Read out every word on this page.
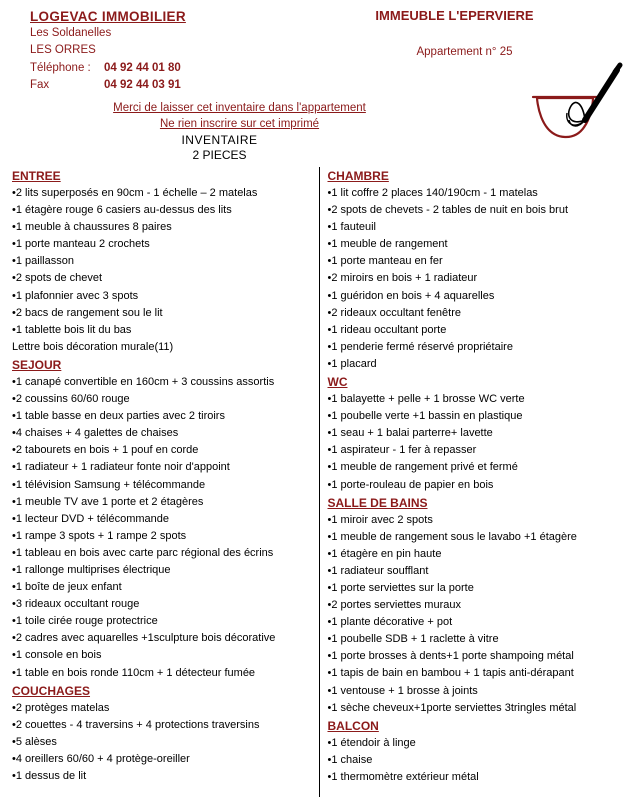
LOGEVAC IMMOBILIER
Les Soldanelles
LES ORRES
Téléphone :	04 92 44 01 80
Fax	04 92 44 03 91
IMMEUBLE L'EPERVIERE
Appartement n° 25
Merci de laisser cet inventaire dans l'appartement
Ne rien inscrire sur cet imprimé
INVENTAIRE
2 PIECES
ENTREE
•2 lits superposés en 90cm - 1 échelle – 2 matelas
•1 étagère rouge 6 casiers au-dessus des lits
•1 meuble à chaussures 8 paires
•1 porte manteau 2 crochets
•1 paillasson
•2 spots de chevet
•1 plafonnier avec 3 spots
•2 bacs de rangement sou le lit
•1 tablette bois lit du bas
Lettre bois décoration murale(11)
SEJOUR
•1 canapé convertible en 160cm + 3 coussins assortis
•2 coussins 60/60 rouge
•1 table basse en deux parties avec 2 tiroirs
•4 chaises + 4 galettes de chaises
•2 tabourets en bois + 1 pouf en corde
•1 radiateur + 1 radiateur fonte noir d'appoint
•1 télévision Samsung + télécommande
•1 meuble TV ave 1 porte et 2 étagères
•1 lecteur DVD + télécommande
•1 rampe 3 spots + 1 rampe 2 spots
•1 tableau en bois avec carte parc régional des écrins
•1 rallonge multiprises électrique
•1 boîte de jeux enfant
•3 rideaux occultant rouge
•1 toile cirée rouge protectrice
•2 cadres avec aquarelles +1sculpture bois décorative
•1 console en bois
•1 table en bois ronde 110cm + 1 détecteur fumée
COUCHAGES
•2 protèges matelas
•2 couettes - 4 traversins + 4 protections traversins
•5 alèses
•4 oreillers 60/60 + 4 protège-oreiller
•1 dessus de lit
CHAMBRE
•1 lit coffre 2 places 140/190cm - 1 matelas
•2 spots de chevets - 2 tables de nuit en bois brut
•1 fauteuil
•1 meuble de rangement
•1 porte manteau en fer
•2 miroirs en bois + 1 radiateur
•1 guéridon en bois + 4 aquarelles
•2 rideaux occultant fenêtre
•1 rideau occultant porte
•1 penderie fermé réservé propriétaire
•1 placard
WC
•1 balayette + pelle + 1 brosse WC verte
•1 poubelle verte +1 bassin en plastique
•1 seau + 1 balai parterre+ lavette
•1 aspirateur - 1 fer à repasser
•1 meuble de rangement privé et fermé
•1 porte-rouleau de papier en bois
SALLE DE BAINS
•1 miroir avec 2 spots
•1 meuble de rangement sous le lavabo +1 étagère
•1 étagère en pin haute
•1 radiateur soufflant
•1 porte serviettes sur la porte
•2 portes serviettes muraux
•1 plante décorative + pot
•1 poubelle SDB + 1 raclette à vitre
•1 porte brosses à dents+1 porte shampoing métal
•1 tapis de bain en bambou + 1 tapis anti-dérapant
•1 ventouse + 1 brosse à joints
•1 sèche cheveux+1porte serviettes 3tringles métal
BALCON
•1 étendoir à linge
•1 chaise
•1 thermomètre extérieur métal
